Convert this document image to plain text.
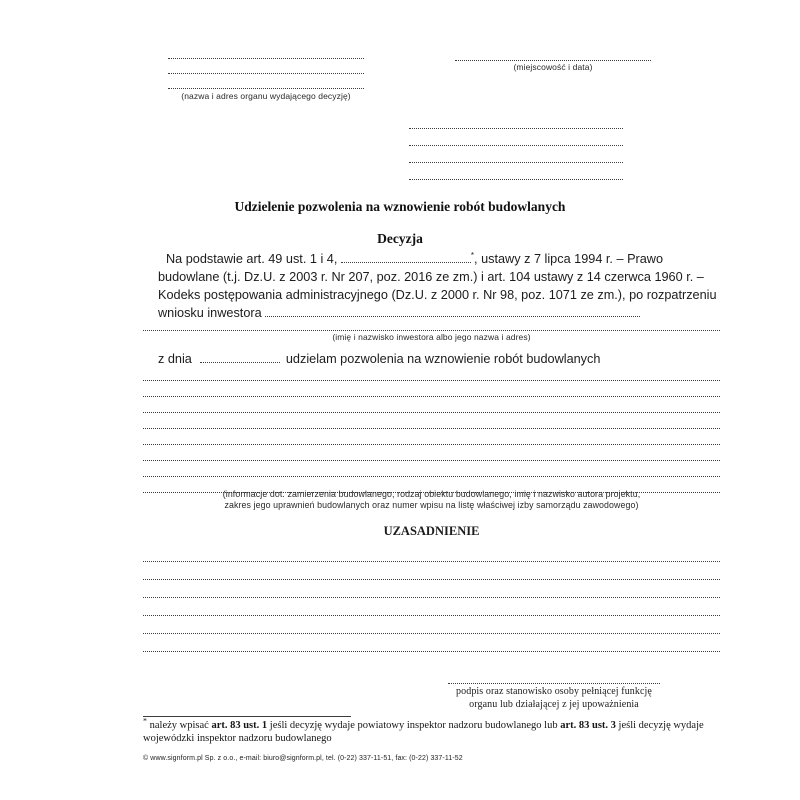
(nazwa i adres organu wydającego decyzję)
(miejscowość i data)
Udzielenie pozwolenia na wznowienie robót budowlanych
Decyzja
Na podstawie art. 49 ust. 1 i 4,	*, ustawy z 7 lipca 1994 r. – Prawo budowlane (t.j. Dz.U. z 2003 r. Nr 207, poz. 2016 ze zm.) i art. 104 ustawy z 14 czerwca 1960 r. – Kodeks postępowania administracyjnego (Dz.U. z 2000 r. Nr 98, poz. 1071 ze zm.), po rozpatrzeniu wniosku inwestora
(imię i nazwisko inwestora albo jego nazwa i adres)
z dnia	udzielam pozwolenia na wznowienie robót budowlanych
(informacje dot. zamierzenia budowlanego, rodzaj obiektu budowlanego, imię i nazwisko autora projektu,
zakres jego uprawnień budowlanych oraz numer wpisu na listę właściwej izby samorządu zawodowego)
UZASADNIENIE
podpis oraz stanowisko osoby pełniącej funkcję
organu lub działającej z jej upoważnienia
* należy wpisać art. 83 ust. 1 jeśli decyzję wydaje powiatowy inspektor nadzoru budowlanego lub art. 83 ust. 3 jeśli decyzję wydaje wojewódzki inspektor nadzoru budowlanego
© www.signform.pl Sp. z o.o., e-mail: biuro@signform.pl, tel. (0-22) 337-11-51, fax: (0-22) 337-11-52
